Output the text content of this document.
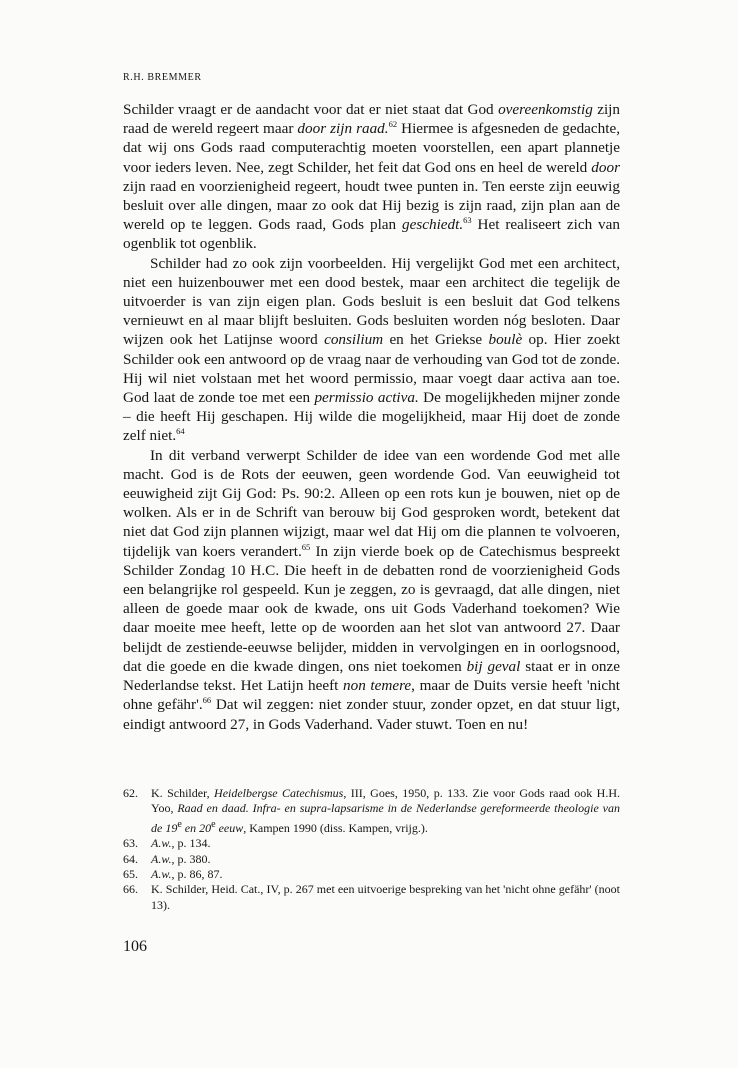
R.H. BREMMER

Schilder vraagt er de aandacht voor dat er niet staat dat God overeenkomstig zijn raad de wereld regeert maar door zijn raad.$^{62}$ Hiermee is afgesneden de gedachte, dat wij ons Gods raad computerachtig moeten voorstellen, een apart plannetje voor ieders leven. Nee, zegt Schilder, het feit dat God ons en heel de wereld door zijn raad en voorzienigheid regeert, houdt twee punten in. Ten eerste zijn eeuwig besluit over alle dingen, maar zo ook dat Hij bezig is zijn raad, zijn plan aan de wereld op te leggen. Gods raad, Gods plan geschiedt.$^{63}$ Het realiseert zich van ogenblik tot ogenblik.

Schilder had zo ook zijn voorbeelden. Hij vergelijkt God met een architect, niet een huizenbouwer met een dood bestek, maar een architect die tegelijk de uitvoerder is van zijn eigen plan. Gods besluit is een besluit dat God telkens vernieuwt en al maar blijft besluiten. Gods besluiten worden nóg besloten. Daar wijzen ook het Latijnse woord consilium en het Griekse boulè op. Hier zoekt Schilder ook een antwoord op de vraag naar de verhouding van God tot de zonde. Hij wil niet volstaan met het woord permissio, maar voegt daar activa aan toe. God laat de zonde toe met een permissio activa. De mogelijkheden mijner zonde – die heeft Hij geschapen. Hij wilde die mogelijkheid, maar Hij doet de zonde zelf niet.$^{64}$

In dit verband verwerpt Schilder de idee van een wordende God met alle macht. God is de Rots der eeuwen, geen wordende God. Van eeuwigheid tot eeuwigheid zijt Gij God: Ps. 90:2. Alleen op een rots kun je bouwen, niet op de wolken. Als er in de Schrift van berouw bij God gesproken wordt, betekent dat niet dat God zijn plannen wijzigt, maar wel dat Hij om die plannen te volvoeren, tijdelijk van koers verandert.$^{65}$ In zijn vierde boek op de Catechismus bespreekt Schilder Zondag 10 H.C. Die heeft in de debatten rond de voorzienigheid Gods een belangrijke rol gespeeld. Kun je zeggen, zo is gevraagd, dat alle dingen, niet alleen de goede maar ook de kwade, ons uit Gods Vaderhand toekomen? Wie daar moeite mee heeft, lette op de woorden aan het slot van antwoord 27. Daar belijdt de zestiende-eeuwse belijder, midden in vervolgingen en in oorlogsnood, dat die goede en die kwade dingen, ons niet toekomen bij geval staat er in onze Nederlandse tekst. Het Latijn heeft non temere, maar de Duits versie heeft 'nicht ohne gefähr'.$^{66}$ Dat wil zeggen: niet zonder stuur, zonder opzet, en dat stuur ligt, eindigt antwoord 27, in Gods Vaderhand. Vader stuwt. Toen en nu!

62.	K. Schilder, Heidelbergse Catechismus, III, Goes, 1950, p. 133. Zie voor Gods raad ook H.H. Yoo, Raad en daad. Infra- en supra-lapsarisme in de Nederlandse gereformeerde theologie van de 19e en 20e eeuw, Kampen 1990 (diss. Kampen, vrijg.).
63.	A.w., p. 134.
64.	A.w., p. 380.
65.	A.w., p. 86, 87.
66.	K. Schilder, Heid. Cat., IV, p. 267 met een uitvoerige bespreking van het 'nicht ohne gefähr' (noot 13).
106
